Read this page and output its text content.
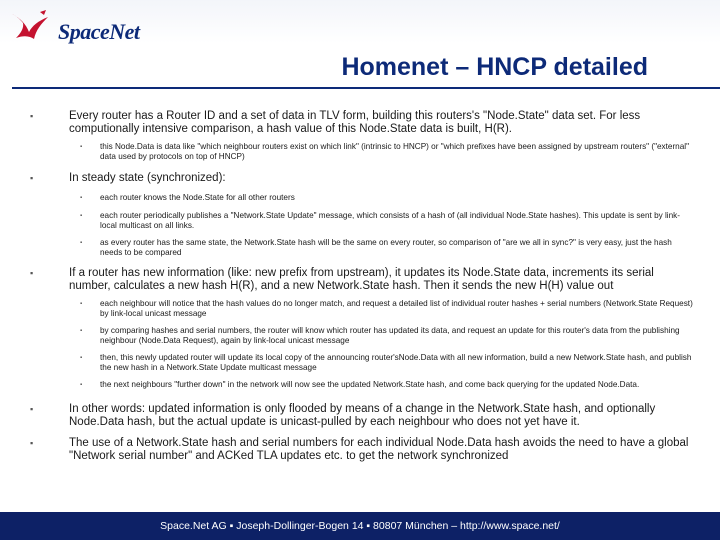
SpaceNet
Homenet – HNCP detailed
▪	Every router has a Router ID and a set of data in TLV form, building this routers's "Node.State" data set. For less computionally intensive comparison, a hash value of this Node.State data is built, H(R).
▪ this Node.Data is data like "which neighbour routers exist on which link" (intrinsic to HNCP) or "which prefixes have been assigned by upstream routers" ("external" data used by protocols on top of HNCP)
▪	In steady state (synchronized):
▪ each router knows the Node.State for all other routers
▪ each router periodically publishes a "Network.State Update" message, which consists of a hash of (all individual Node.State hashes). This update is sent by link-local multicast on all links.
▪ as every router has the same state, the Network.State hash will be the same on every router, so comparison of "are we all in sync?" is very easy, just the hash needs to be compared
▪	If a router has new information (like: new prefix from upstream), it updates its Node.State data, increments its serial number, calculates a new hash H(R), and a new Network.State hash. Then it sends the new H(H) value out
▪ each neighbour will notice that the hash values do no longer match, and request a detailed list of individual router hashes + serial numbers (Network.State Request) by link-local unicast message
▪ by comparing hashes and serial numbers, the router will know which router has updated its data, and request an update for this router's data from the publishing neighbour (Node.Data Request), again by link-local unicast message
▪ then, this newly updated router will update its local copy of the announcing router'sNode.Data with all new information, build a new Network.State hash, and publish the new hash in a Network.State Update multicast message
▪ the next neighbours "further down" in the network will now see the updated Network.State hash, and come back querying for the updated Node.Data.
▪	In other words: updated information is only flooded by means of a change in the Network.State hash, and optionally Node.Data hash, but the actual update is unicast-pulled by each neighbour who does not yet have it.
▪	The use of a Network.State hash and serial numbers for each individual Node.Data hash avoids the need to have a global "Network serial number" and ACKed TLA updates etc. to get the network synchronized
Space.Net AG ▪ Joseph-Dollinger-Bogen 14 ▪ 80807 München – http://www.space.net/
